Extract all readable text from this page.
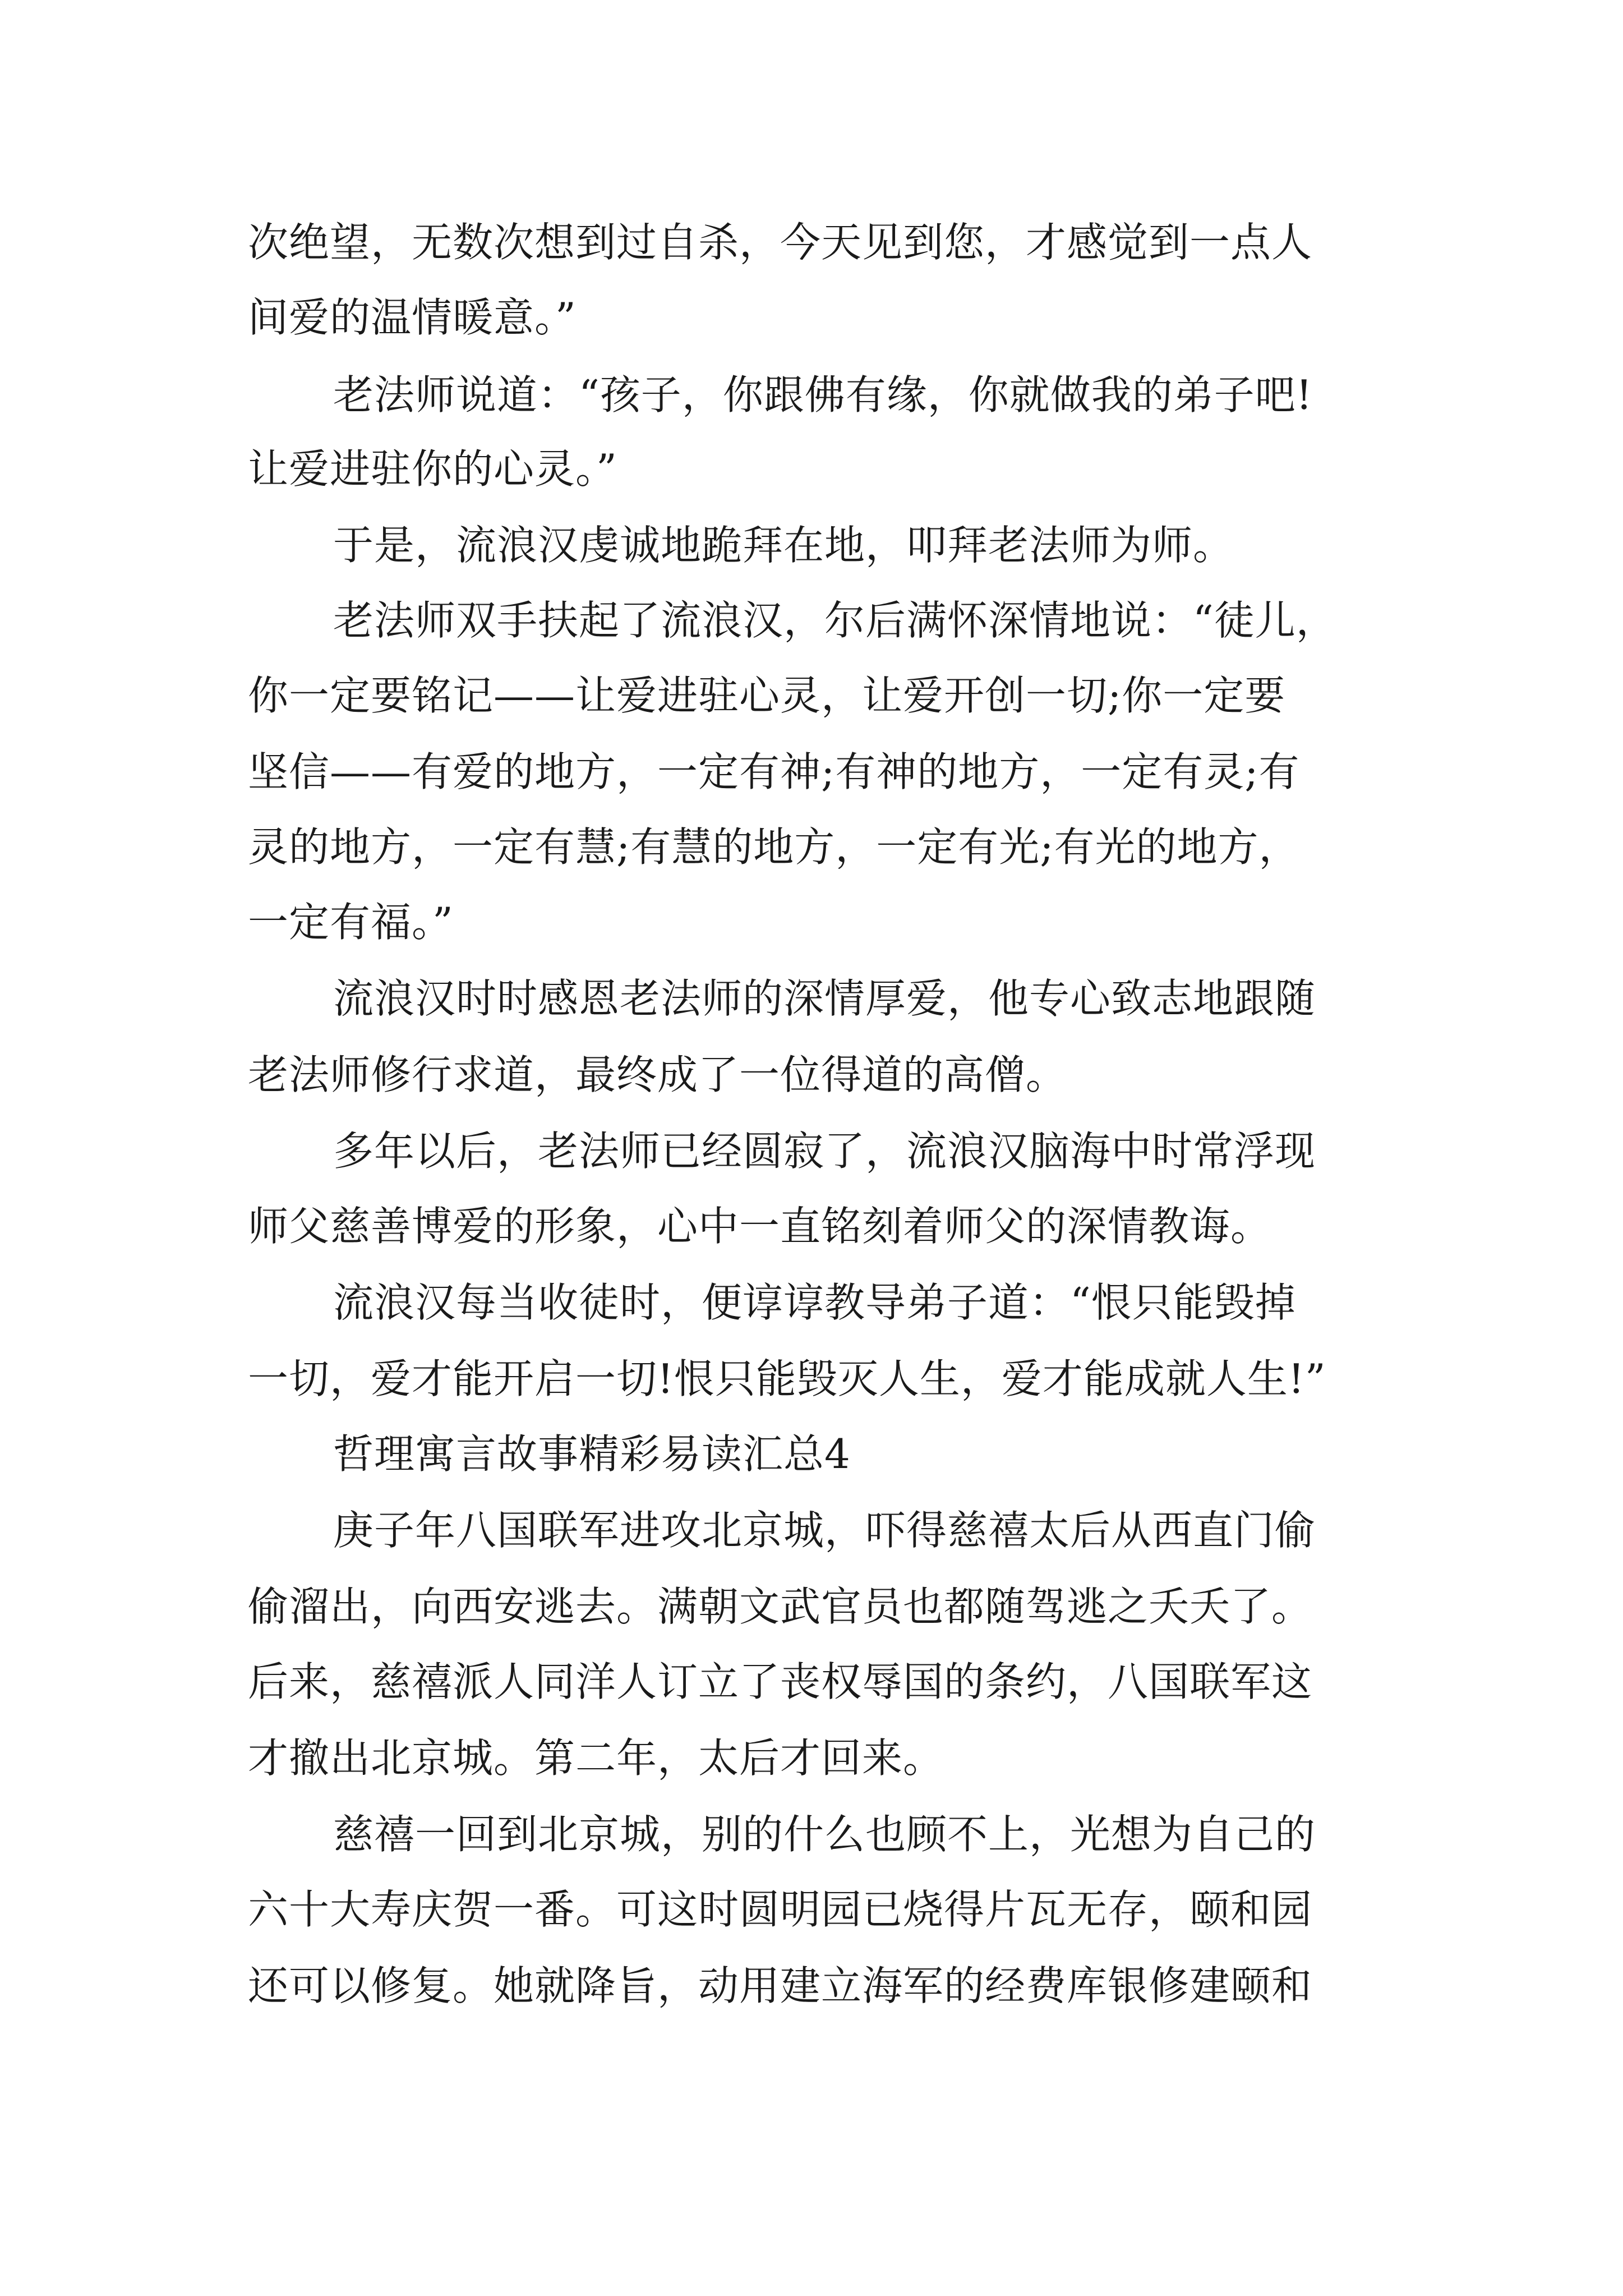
次绝望，无数次想到过自杀，今天见到您，才感觉到一点人
间爱的温情暖意。”
老法师说道：“孩子，你跟佛有缘，你就做我的弟子吧!
让爱进驻你的心灵。”
于是，流浪汉虔诚地跪拜在地，叩拜老法师为师。
老法师双手扶起了流浪汉，尔后满怀深情地说：“徒儿，
你一定要铭记——让爱进驻心灵，让爱开创一切;你一定要
坚信——有爱的地方，一定有神;有神的地方，一定有灵;有
灵的地方，一定有慧;有慧的地方，一定有光;有光的地方，
一定有福。”
流浪汉时时感恩老法师的深情厚爱，他专心致志地跟随
老法师修行求道，最终成了一位得道的高僧。
多年以后，老法师已经圆寂了，流浪汉脑海中时常浮现
师父慈善博爱的形象，心中一直铭刻着师父的深情教诲。
流浪汉每当收徒时，便谆谆教导弟子道：“恨只能毁掉
一切，爱才能开启一切!恨只能毁灭人生，爱才能成就人生!”
哲理寓言故事精彩易读汇总4
庚子年八国联军进攻北京城，吓得慈禧太后从西直门偷
偷溜出，向西安逃去。满朝文武官员也都随驾逃之夭夭了。
后来，慈禧派人同洋人订立了丧权辱国的条约，八国联军这
才撤出北京城。第二年，太后才回来。
慈禧一回到北京城，别的什么也顾不上，光想为自己的
六十大寿庆贺一番。可这时圆明园已烧得片瓦无存，颐和园
还可以修复。她就降旨，动用建立海军的经费库银修建颐和
